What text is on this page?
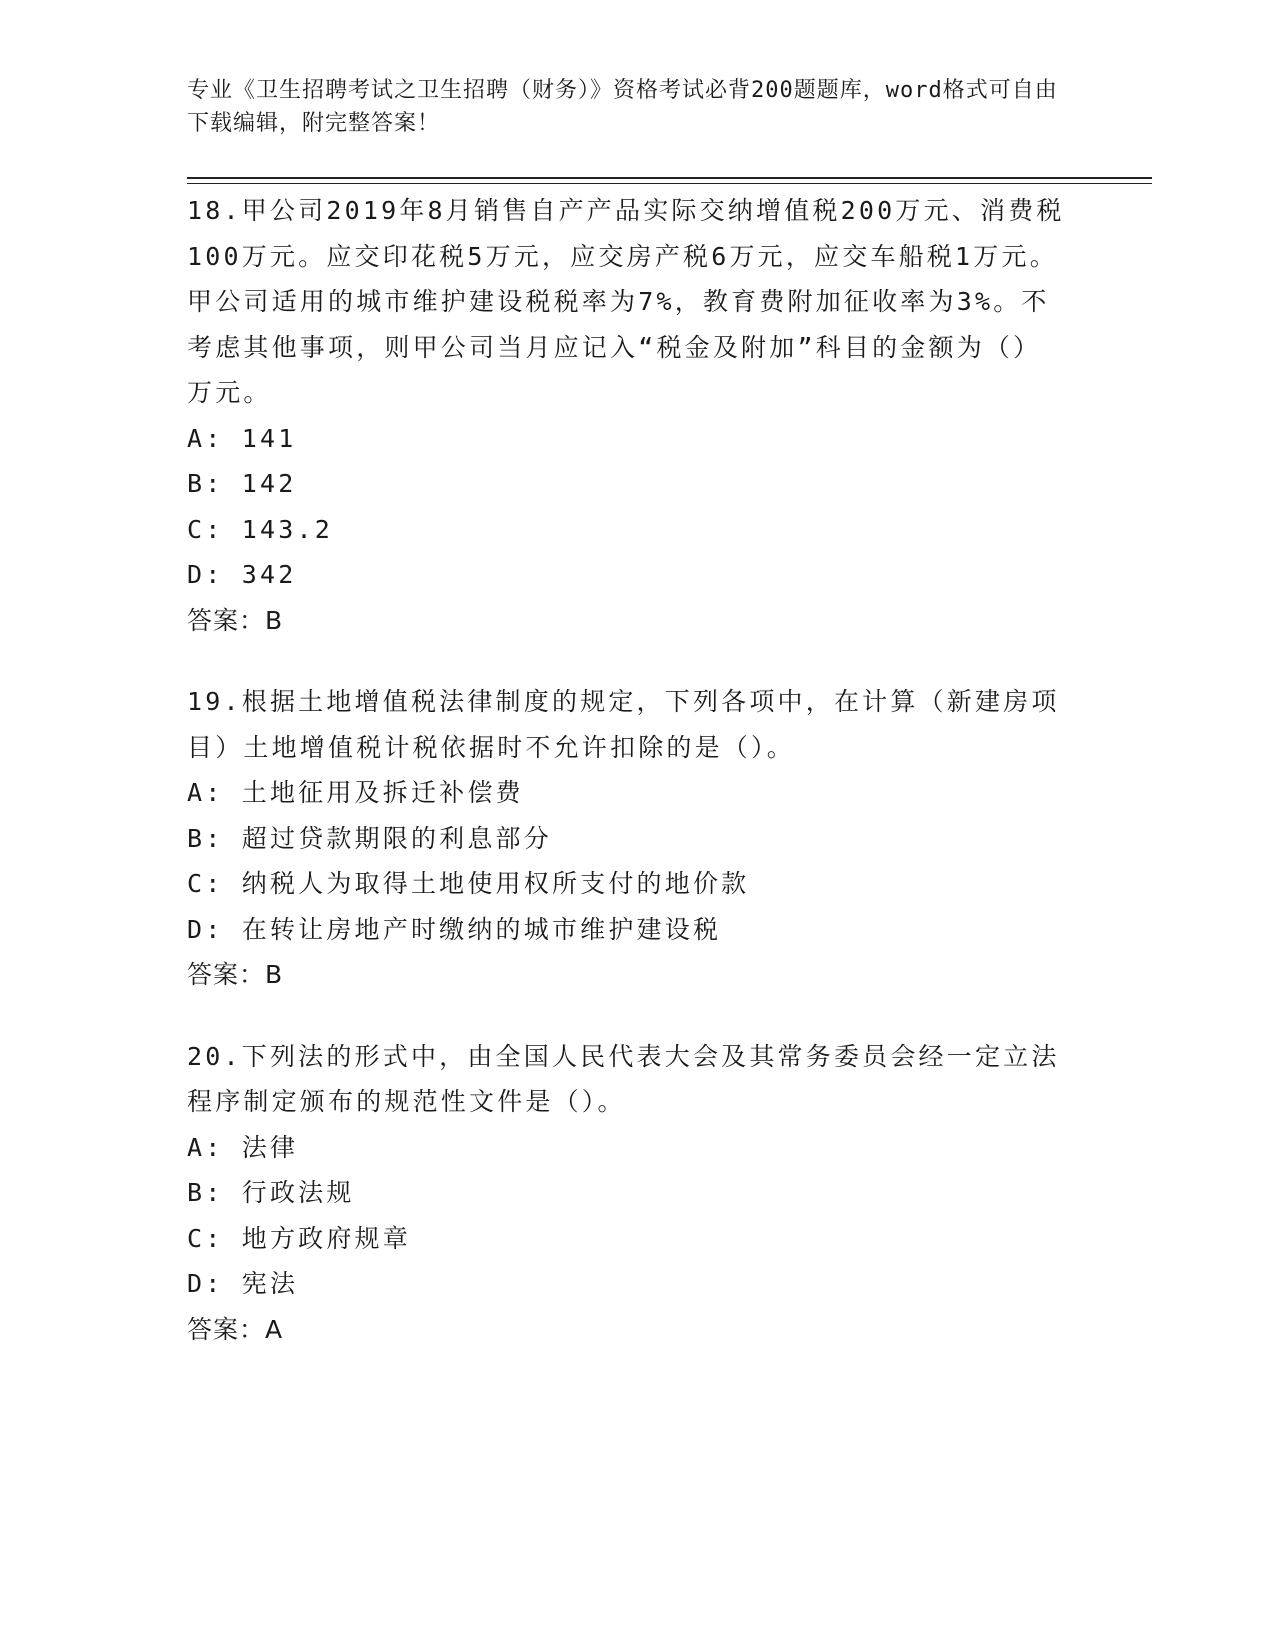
专业《卫生招聘考试之卫生招聘（财务）》资格考试必背200题题库，word格式可自由下载编辑，附完整答案！
18.甲公司2019年8月销售自产产品实际交纳增值税200万元、消费税100万元。应交印花税5万元，应交房产税6万元，应交车船税1万元。甲公司适用的城市维护建设税税率为7%，教育费附加征收率为3%。不考虑其他事项，则甲公司当月应记入“税金及附加”科目的金额为（）万元。
A: 141
B: 142
C: 143.2
D: 342
答案：B
19.根据土地增值税法律制度的规定，下列各项中，在计算（新建房项目）土地增值税计税依据时不允许扣除的是（）。
A: 土地征用及拆迁补偿费
B: 超过贷款期限的利息部分
C: 纳税人为取得土地使用权所支付的地价款
D: 在转让房地产时缴纳的城市维护建设税
答案：B
20.下列法的形式中，由全国人民代表大会及其常务委员会经一定立法程序制定颁布的规范性文件是（）。
A: 法律
B: 行政法规
C: 地方政府规章
D: 宪法
答案：A
